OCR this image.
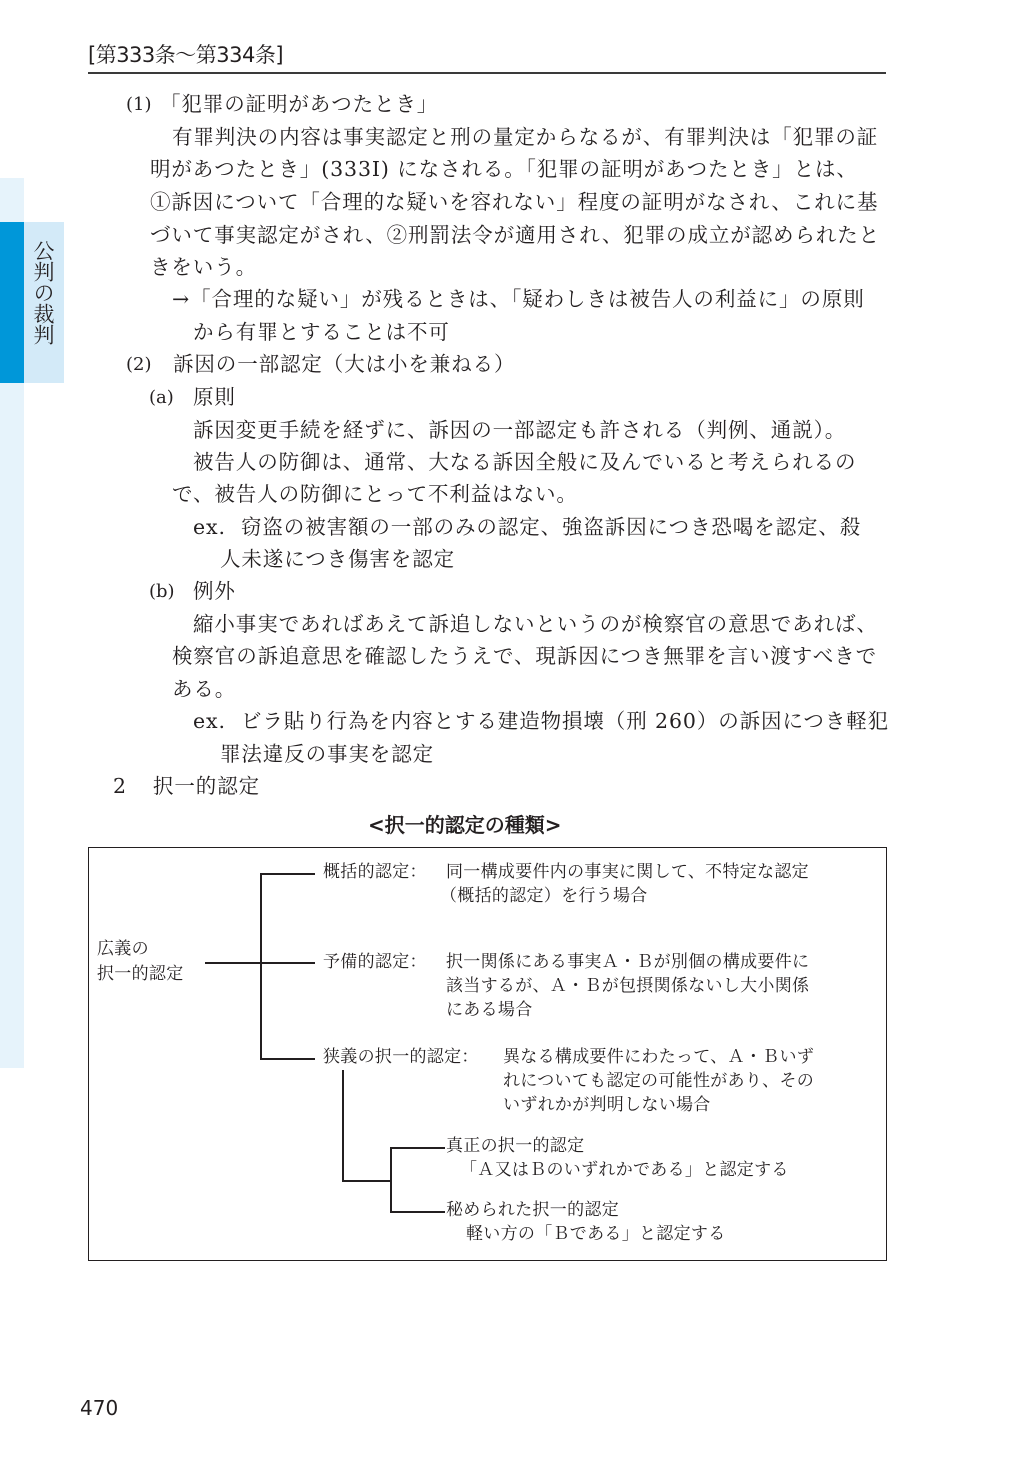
公判の裁判
[第333条〜第334条]
(1) 「犯罪の証明があつたとき」
有罪判決の内容は事実認定と刑の量定からなるが、有罪判決は「犯罪の証
明があつたとき」(333Ⅰ) になされる。「犯罪の証明があつたとき」とは、
①訴因について「合理的な疑いを容れない」程度の証明がなされ、これに基
づいて事実認定がされ、②刑罰法令が適用され、犯罪の成立が認められたと
きをいう。
→「合理的な疑い」が残るときは、「疑わしきは被告人の利益に」の原則
から有罪とすることは不可
(2) 訴因の一部認定（大は小を兼ねる）
(a) 原則
訴因変更手続を経ずに、訴因の一部認定も許される（判例、通説）。
被告人の防御は、通常、大なる訴因全般に及んでいると考えられるの
で、被告人の防御にとって不利益はない。
ex. 窃盗の被害額の一部のみの認定、強盗訴因につき恐喝を認定、殺
人未遂につき傷害を認定
(b) 例外
縮小事実であればあえて訴追しないというのが検察官の意思であれば、
検察官の訴追意思を確認したうえで、現訴因につき無罪を言い渡すべきで
ある。
ex. ビラ貼り行為を内容とする建造物損壊（刑 260）の訴因につき軽犯
罪法違反の事実を認定
2 択一的認定
<択一的認定の種類>
広義の
択一的認定
概括的認定： 同一構成要件内の事実に関して、不特定な認定
（概括的認定）を行う場合
予備的認定： 択一関係にある事実Ａ・Ｂが別個の構成要件に
該当するが、Ａ・Ｂが包摂関係ないし大小関係
にある場合
狭義の択一的認定： 異なる構成要件にわたって、Ａ・Ｂいず
れについても認定の可能性があり、その
いずれかが判明しない場合
真正の択一的認定
「Ａ又はＢのいずれかである」と認定する
秘められた択一的認定
軽い方の「Ｂである」と認定する
470
